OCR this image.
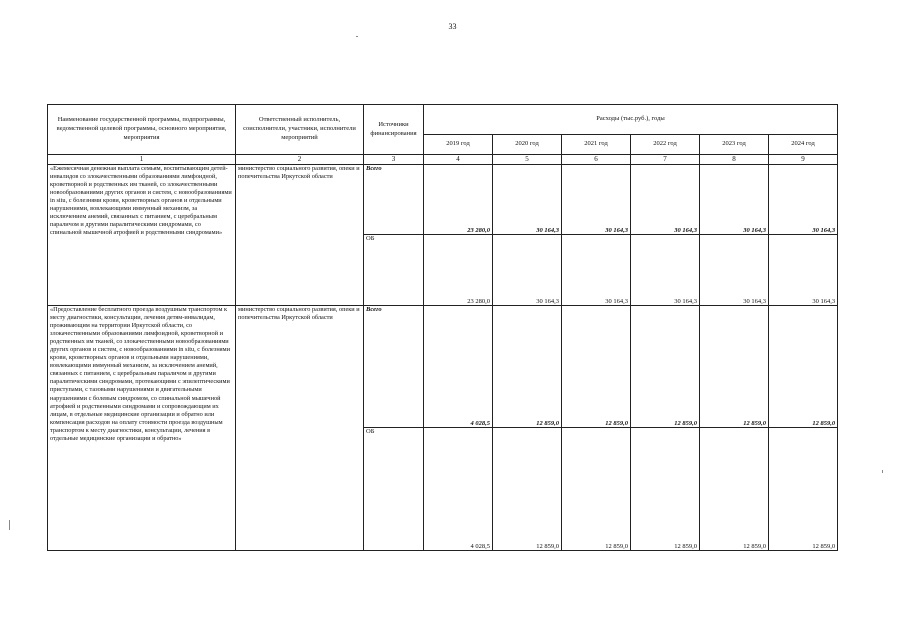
33
Наименование государственной программы, подпрограммы, ведомственной целевой программы, основного мероприятия, мероприятия	Ответственный исполнитель, соисполнители, участники, исполнители мероприятий	Источники финансирования	Расходы (тыс.руб.), годы					
			2019 год	2020 год	2021 год	2022 год	2023 год	2024 год
1	2	3	4	5	6	7	8	9
«Ежемесячная денежная выплата семьям, воспитывающим детей-инвалидов со злокачественными образованиями лимфоидной, кроветворной и родственных им тканей, со злокачественными новообразованиями других органов и систем, с новообразованиями in situ, с болезнями крови, кроветворных органов и отдельными нарушениями, вовлекающими иммунный механизм, за исключением анемий, связанных с питанием, с церебральным параличом и другими паралитическими синдромами, со спинальной мышечной атрофией и родственными синдромами»	министерство социального развития, опеки и попечительства Иркутской области	Всего	23 280,0	30 164,3	30 164,3	30 164,3	30 164,3	30 164,3
		ОБ	23 280,0	30 164,3	30 164,3	30 164,3	30 164,3	30 164,3
«Предоставление бесплатного проезда воздушным транспортом к месту диагностики, консультации, лечения детям-инвалидам, проживающим на территории Иркутской области, со злокачественными образованиями лимфоидной, кроветворной и родственных им тканей, со злокачественными новообразованиями других органов и систем, с новообразованиями in situ, с болезнями крови, кроветворных органов и отдельными нарушениями, вовлекающими иммунный механизм, за исключением анемий, связанных с питанием, с церебральным параличом и другими паралитическими синдромами, протекающими с эпилептическими приступами, с тазовыми нарушениями и двигательными нарушениями с болевым синдромом, со спинальной мышечной атрофией и родственными синдромами и сопровождающим их лицам, в отдельные медицинские организации и обратно или компенсация расходов на оплату стоимости проезда воздушным транспортом к месту диагностики, консультации, лечения в отдельные медицинские организации и обратно»	министерство социального развития, опеки и попечительства Иркутской области	Всего	4 028,5	12 859,0	12 859,0	12 859,0	12 859,0	12 859,0
		ОБ	4 028,5	12 859,0	12 859,0	12 859,0	12 859,0	12 859,0
